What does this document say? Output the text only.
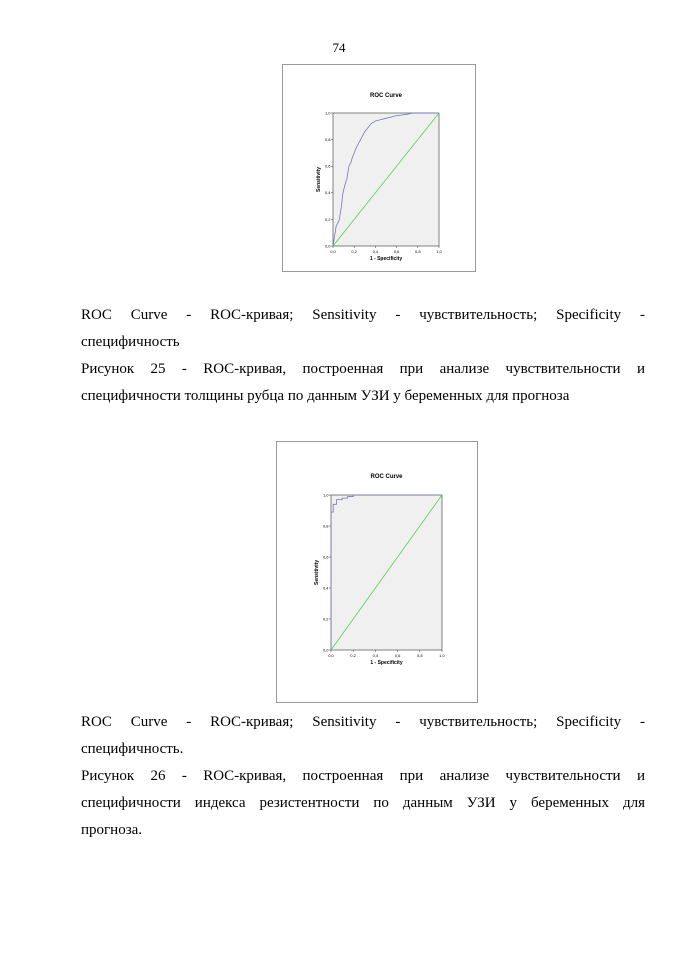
74
ROC Curve
0,0	0,2	0,4	0,6	0,8	1,0
0,0
0,2
0,4
0,6
0,8
1,0
1 - Specificity
Sensitivity
ROC Curve - ROC-кривая; Sensitivity - чувствительность; Specificity -
специфичность
Рисунок 25 - ROC-кривая, построенная при анализе чувствительности и
специфичности толщины рубца по данным УЗИ у беременных для прогноза
ROC Curve
0,0	0,2	0,4	0,6	0,8	1,0
0,0
0,2
0,4
0,6
0,8
1,0
1 - Specificity
Sensitivity
ROC Curve - ROC-кривая; Sensitivity - чувствительность; Specificity -
специфичность.
Рисунок 26 - ROC-кривая, построенная при анализе чувствительности и
специфичности индекса резистентности по данным УЗИ у беременных для
прогноза.
